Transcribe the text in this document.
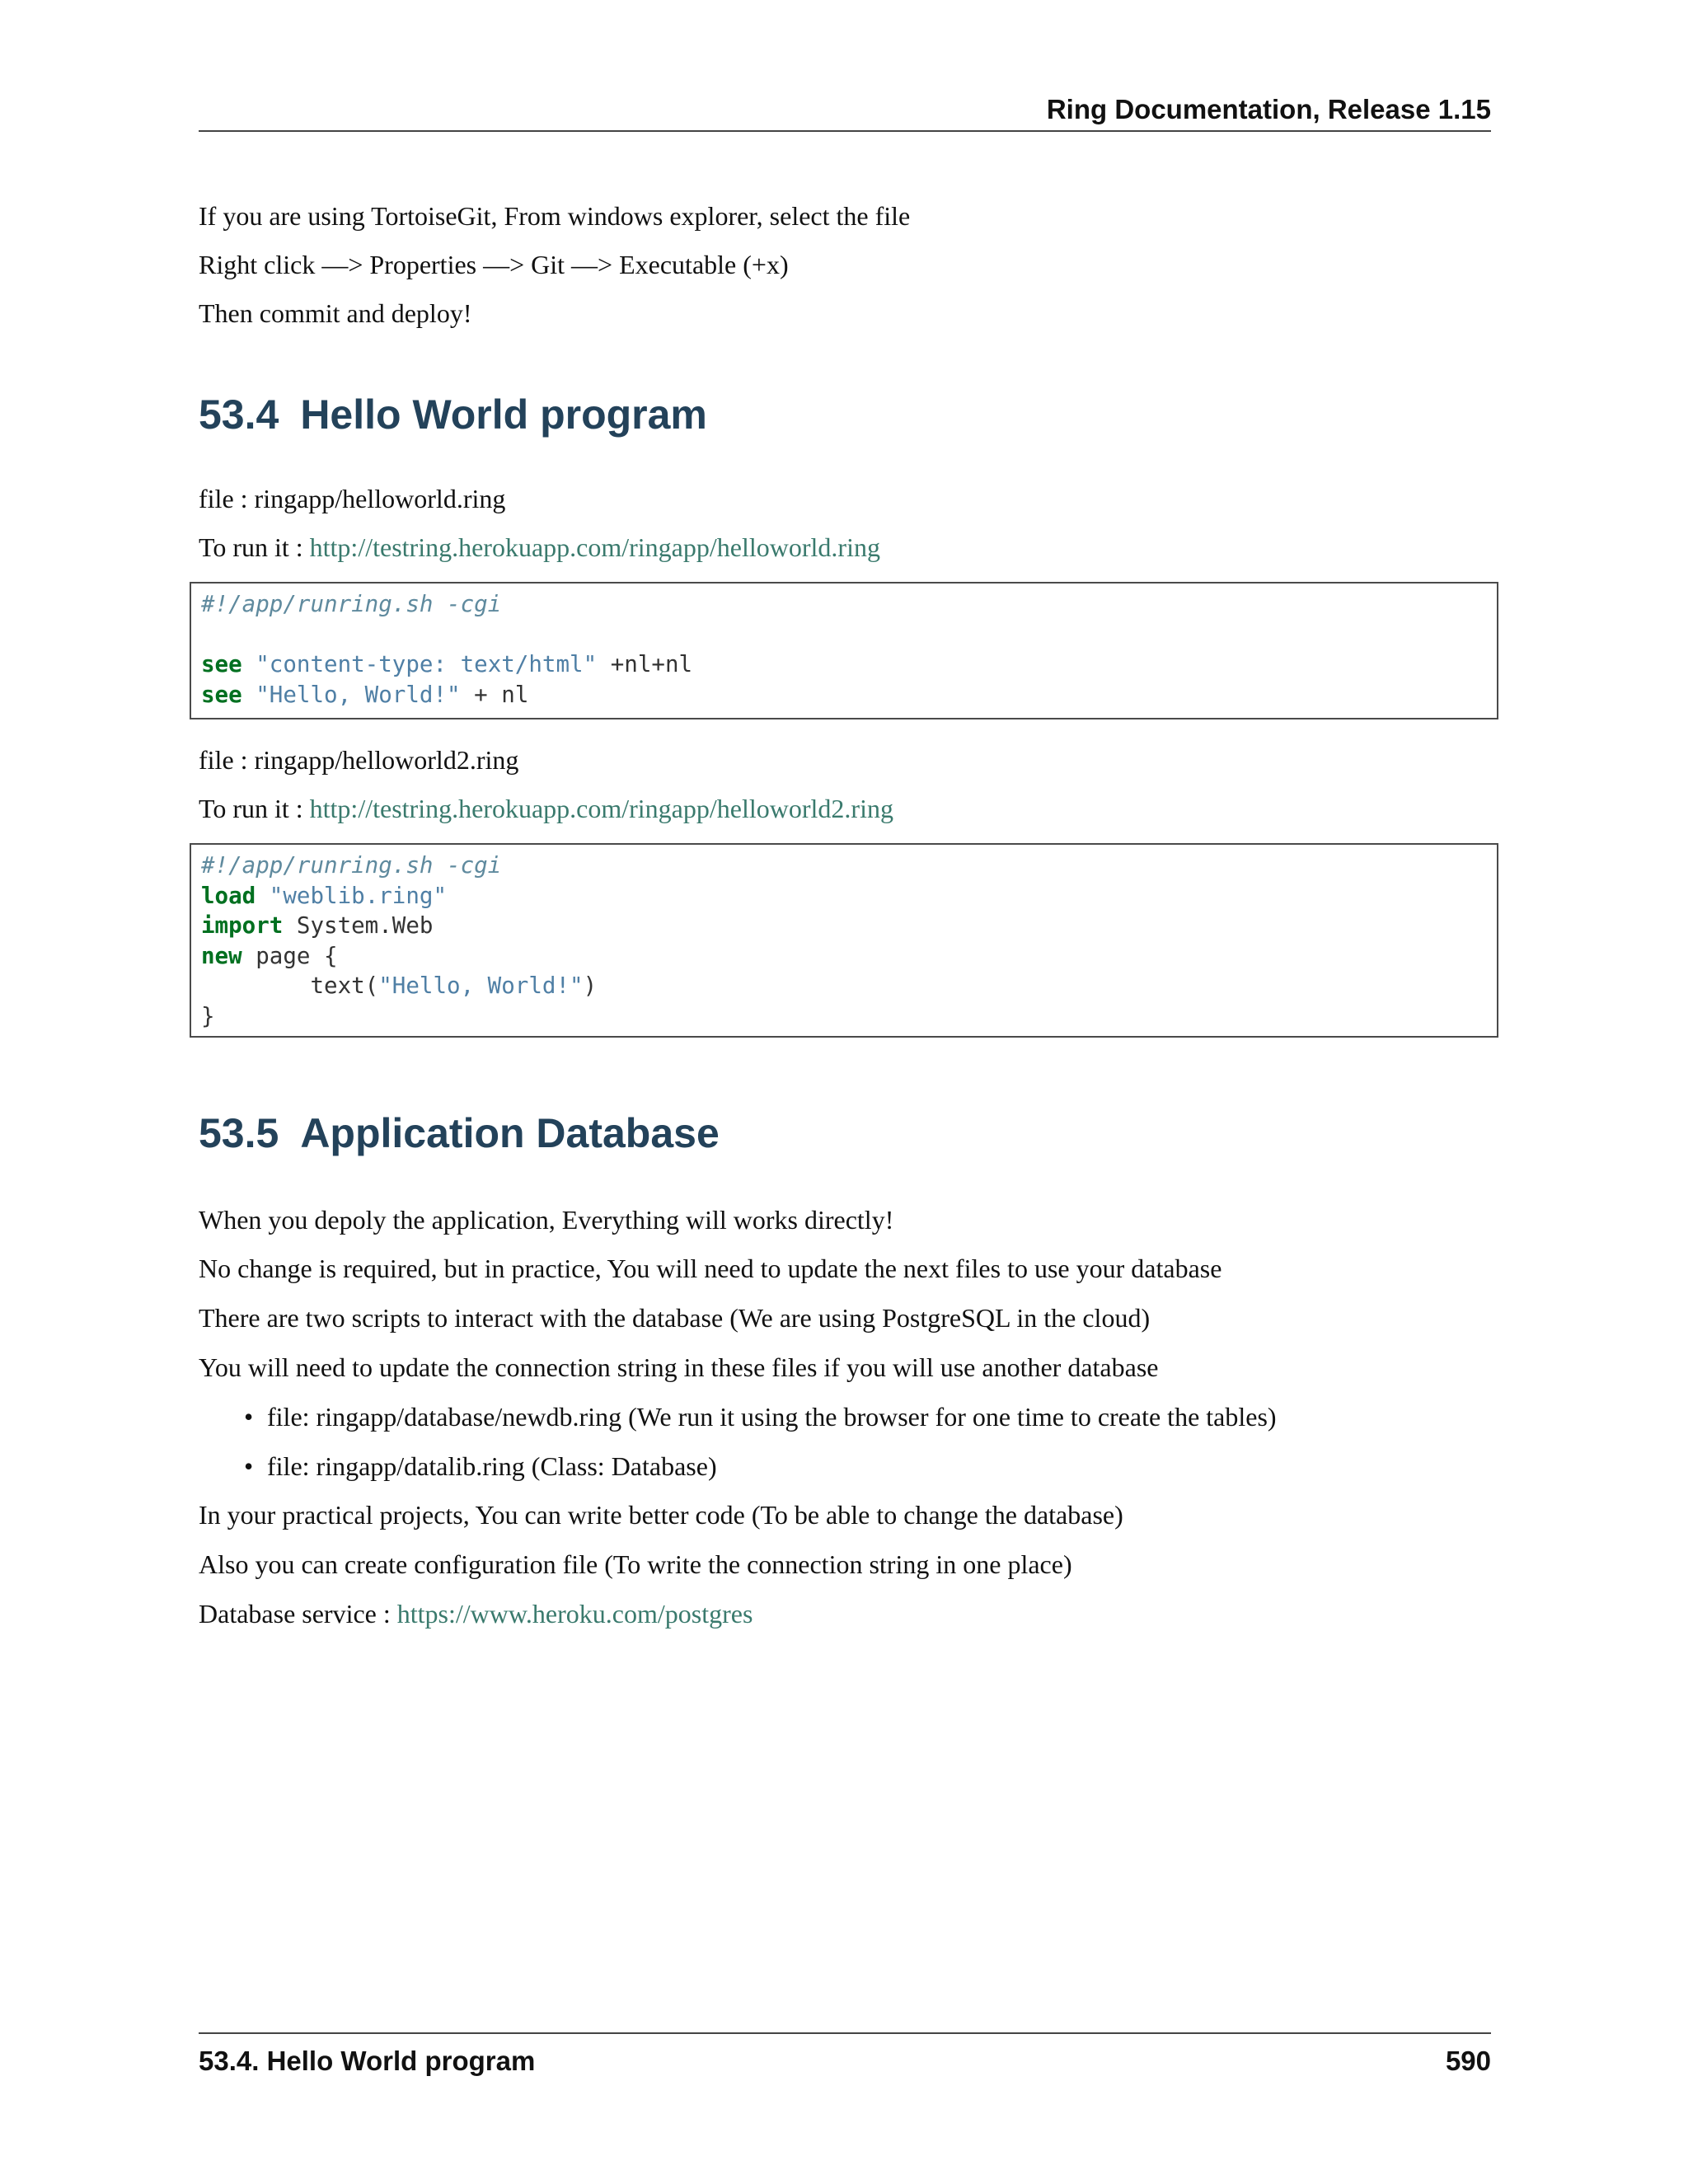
Ring Documentation, Release 1.15

If you are using TortoiseGit, From windows explorer, select the file

Right click —> Properties —> Git —> Executable (+x)

Then commit and deploy!

53.4 Hello World program

file : ringapp/helloworld.ring

To run it : http://testring.herokuapp.com/ringapp/helloworld.ring

#!/app/runring.sh -cgi
see "content-type: text/html" +nl+nl
see "Hello, World!" + nl

file : ringapp/helloworld2.ring

To run it : http://testring.herokuapp.com/ringapp/helloworld2.ring

#!/app/runring.sh -cgi
load "weblib.ring"
import System.Web
new page {
text("Hello, World!")
}
53.5 Application Database

When you depoly the application, Everything will works directly!

No change is required, but in practice, You will need to update the next files to use your database

There are two scripts to interact with the database (We are using PostgreSQL in the cloud)

You will need to update the connection string in these files if you will use another database

• file: ringapp/database/newdb.ring (We run it using the browser for one time to create the tables)
• file: ringapp/datalib.ring (Class: Database)

In your practical projects, You can write better code (To be able to change the database)

Also you can create configuration file (To write the connection string in one place)

Database service : https://www.heroku.com/postgres

53.4. Hello World program	590
